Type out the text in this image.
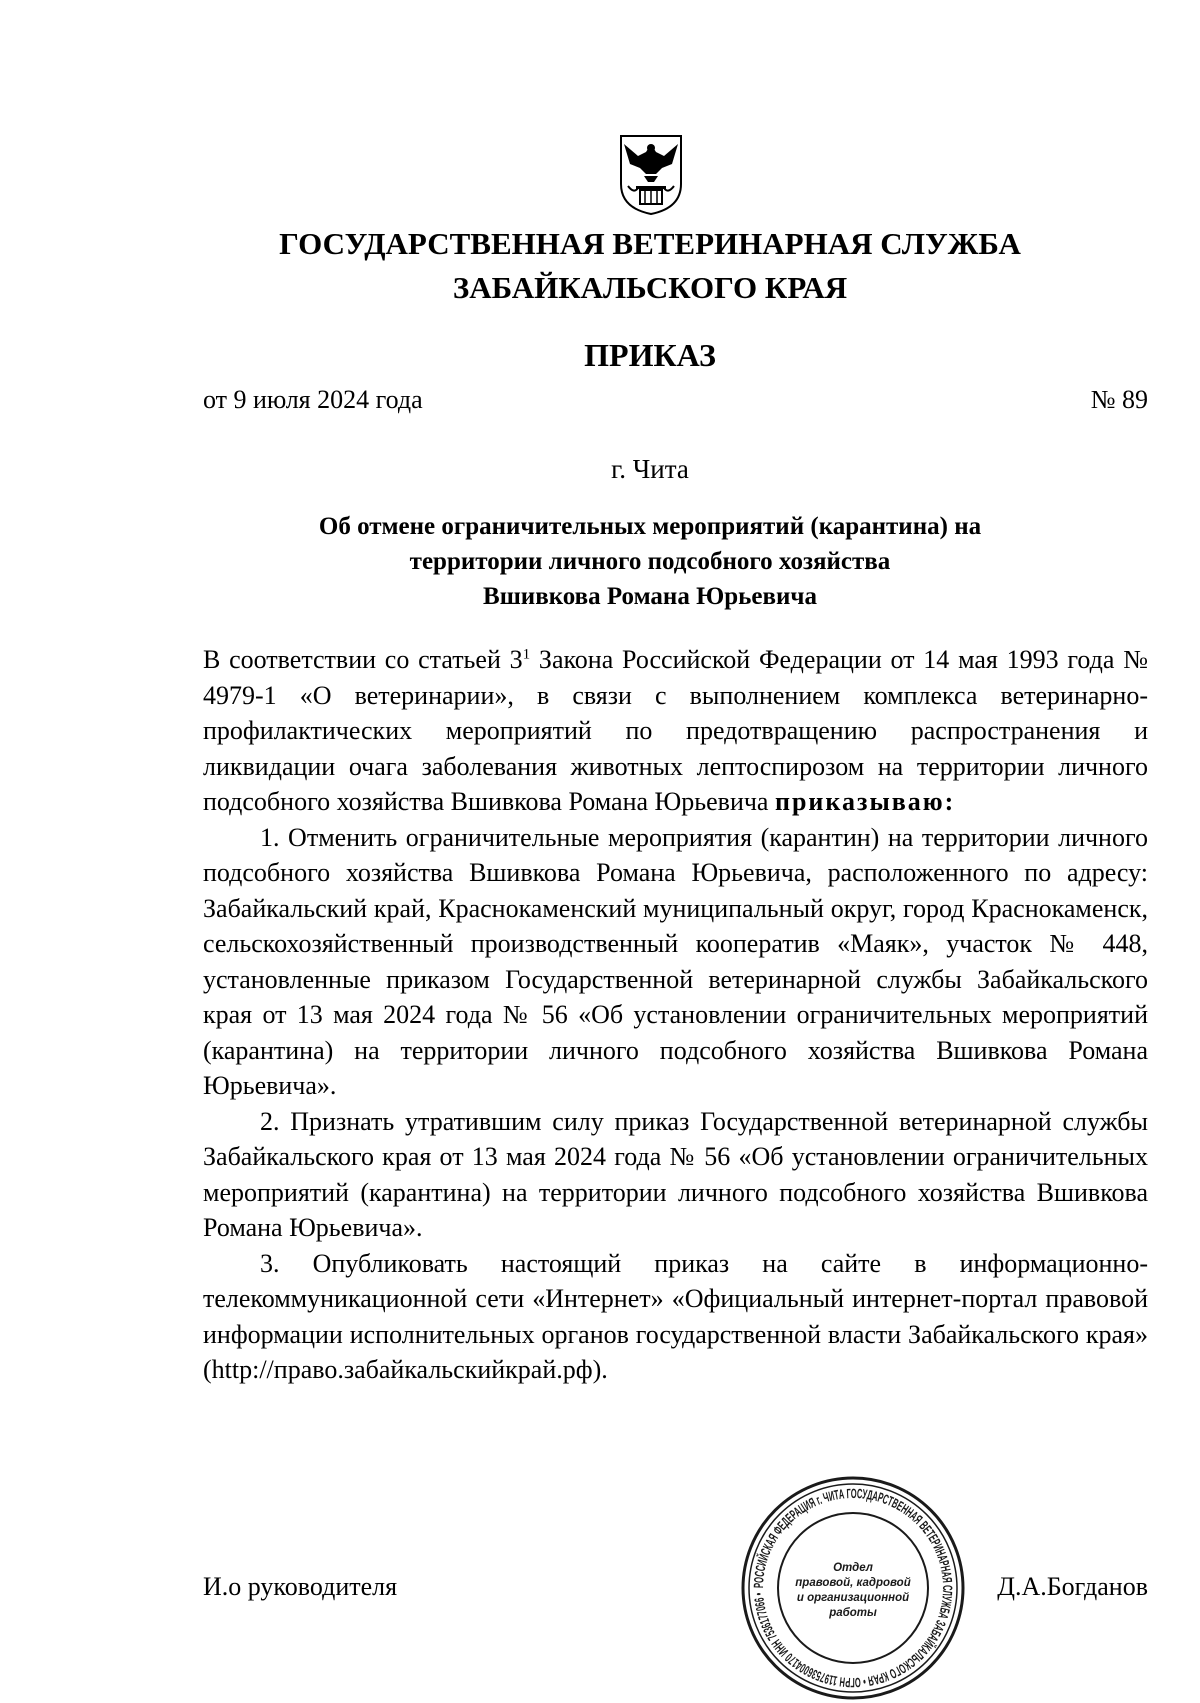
ГОСУДАРСТВЕННАЯ ВЕТЕРИНАРНАЯ СЛУЖБА
ЗАБАЙКАЛЬСКОГО КРАЯ
ПРИКАЗ
от 9 июля 2024 года	№ 89
г. Чита
Об отмене ограничительных мероприятий (карантина) на
территории личного подсобного хозяйства
Вшивкова Романа Юрьевича

В соответствии со статьей $3^1$ Закона Российской Федерации от 14 мая 1993 года № 4979-1 «О ветеринарии», в связи с выполнением комплекса ветеринарно-профилактических мероприятий по предотвращению распространения и ликвидации очага заболевания животных лептоспирозом на территории личного подсобного хозяйства Вшивкова Романа Юрьевича приказываю:

1. Отменить ограничительные мероприятия (карантин) на территории личного подсобного хозяйства Вшивкова Романа Юрьевича, расположенного по адресу: Забайкальский край, Краснокаменский муниципальный округ, город Краснокаменск, сельскохозяйственный производственный кооператив «Маяк», участок № 448, установленные приказом Государственной ветеринарной службы Забайкальского края от 13 мая 2024 года № 56 «Об установлении ограничительных мероприятий (карантина) на территории личного подсобного хозяйства Вшивкова Романа Юрьевича».

2. Признать утратившим силу приказ Государственной ветеринарной службы Забайкальского края от 13 мая 2024 года № 56 «Об установлении ограничительных мероприятий (карантина) на территории личного подсобного хозяйства Вшивкова Романа Юрьевича».

3. Опубликовать настоящий приказ на сайте в информационно-телекоммуникационной сети «Интернет» «Официальный интернет-портал правовой информации исполнительных органов государственной власти Забайкальского края» (http://право.забайкальскийкрай.рф).

И.о руководителя	Д.А.Богданов
РОССИЙСКАЯ ФЕДЕРАЦИЯ г. ЧИТА ГОСУДАРСТВЕННАЯ ВЕТЕРИНАРНАЯ СЛУЖБА ЗАБАЙКАЛЬСКОГО КРАЯ • ОГРН 1197536004170 ИНН 7536177066 •
Отдел
правовой, кадровой
и организационной
работы
